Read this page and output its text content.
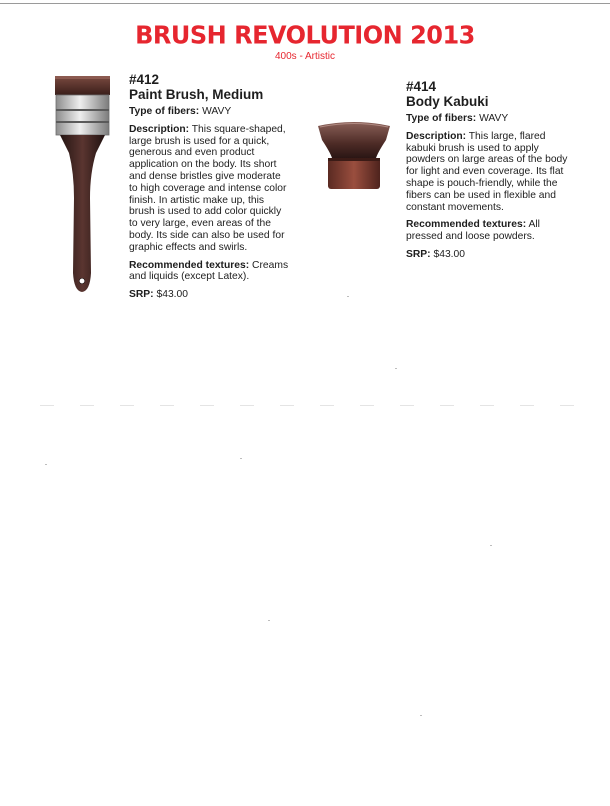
BRUSH REVOLUTION 2013
400s - Artistic
#412
Paint Brush, Medium
Type of fibers: WAVY
Description: This square-shaped, large brush is used for a quick, generous and even product application on the body. Its short and dense bristles give moderate to high coverage and intense color finish. In artistic make up, this brush is used to add color quickly to very large, even areas of the body. Its side can also be used for graphic effects and swirls.
Recommended textures: Creams and liquids (except Latex).
SRP: $43.00
#414
Body Kabuki
Type of fibers: WAVY
Description: This large, flared kabuki brush is used to apply powders on large areas of the body for light and even coverage. Its flat shape is pouch-friendly, while the fibers can be used in flexible and constant movements.
Recommended textures: All pressed and loose powders.
SRP: $43.00
